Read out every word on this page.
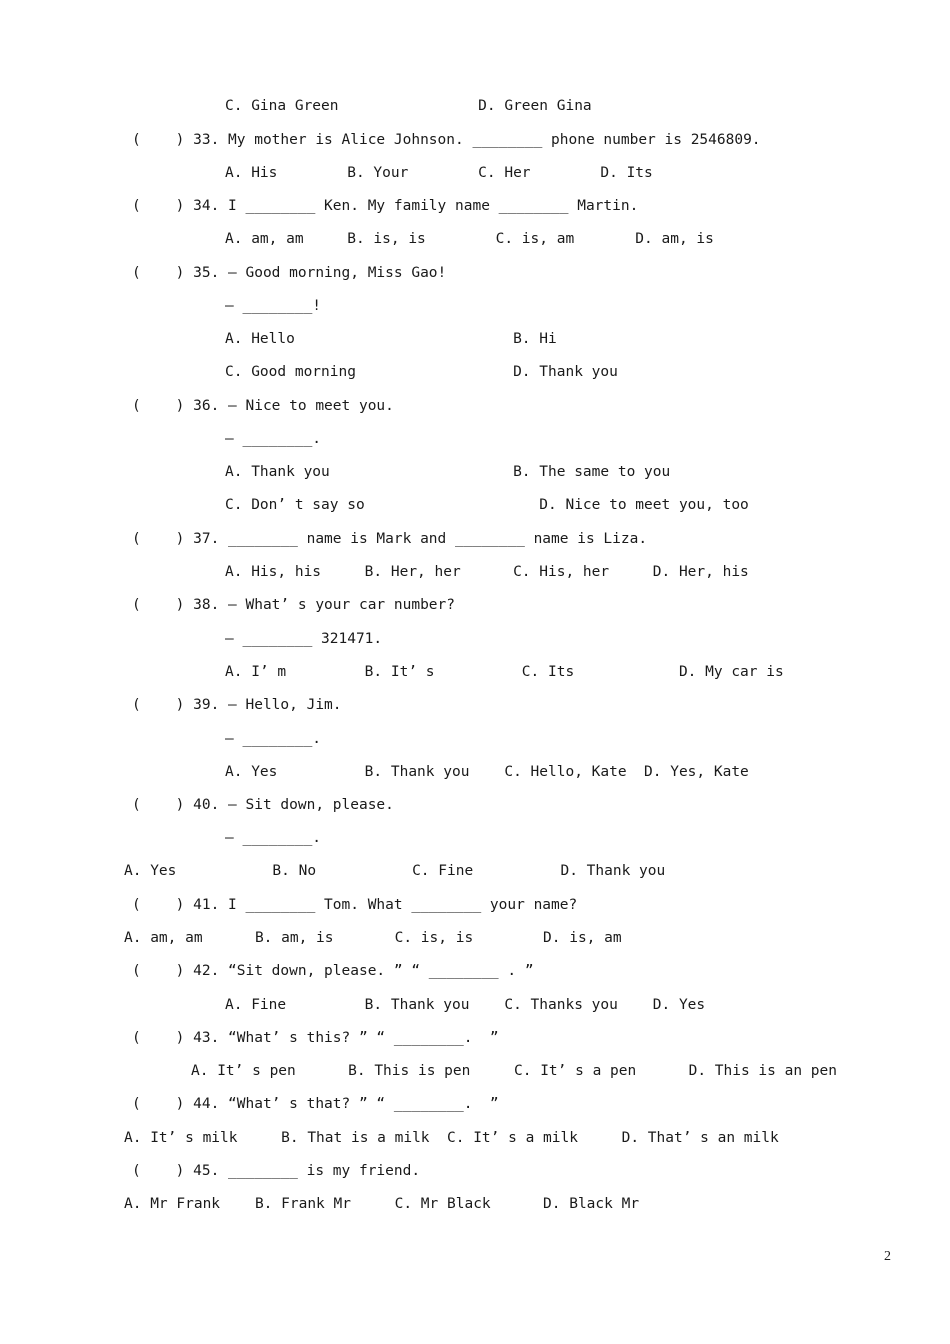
C. Gina Green                D. Green Gina
(    ) 33. My mother is Alice Johnson. ________ phone number is 2546809.
A. His        B. Your        C. Her        D. Its
(    ) 34. I ________ Ken. My family name ________ Martin.
A. am, am     B. is, is        C. is, am       D. am, is
(    ) 35. — Good morning, Miss Gao!
— ________!
A. Hello                         B. Hi
C. Good morning                  D. Thank you
(    ) 36. — Nice to meet you.
— ________.
A. Thank you                     B. The same to you
C. Don’ t say so                    D. Nice to meet you, too
(    ) 37. ________ name is Mark and ________ name is Liza.
A. His, his     B. Her, her      C. His, her     D. Her, his
(    ) 38. — What’ s your car number?
— ________ 321471.
A. I’ m         B. It’ s          C. Its            D. My car is
(    ) 39. — Hello, Jim.
— ________.
A. Yes          B. Thank you    C. Hello, Kate  D. Yes, Kate
(    ) 40. — Sit down, please.
— ________.
A. Yes           B. No           C. Fine          D. Thank you
(    ) 41. I ________ Tom. What ________ your name?
A. am, am      B. am, is       C. is, is        D. is, am
(    ) 42. “Sit down, please. ” “ ________ . ”
A. Fine         B. Thank you    C. Thanks you    D. Yes
(    ) 43. “What’ s this? ” “ ________.  ”
A. It’ s pen      B. This is pen     C. It’ s a pen      D. This is an pen
(    ) 44. “What’ s that? ” “ ________.  ”
A. It’ s milk     B. That is a milk  C. It’ s a milk     D. That’ s an milk
(    ) 45. ________ is my friend.
A. Mr Frank    B. Frank Mr     C. Mr Black      D. Black Mr
2
